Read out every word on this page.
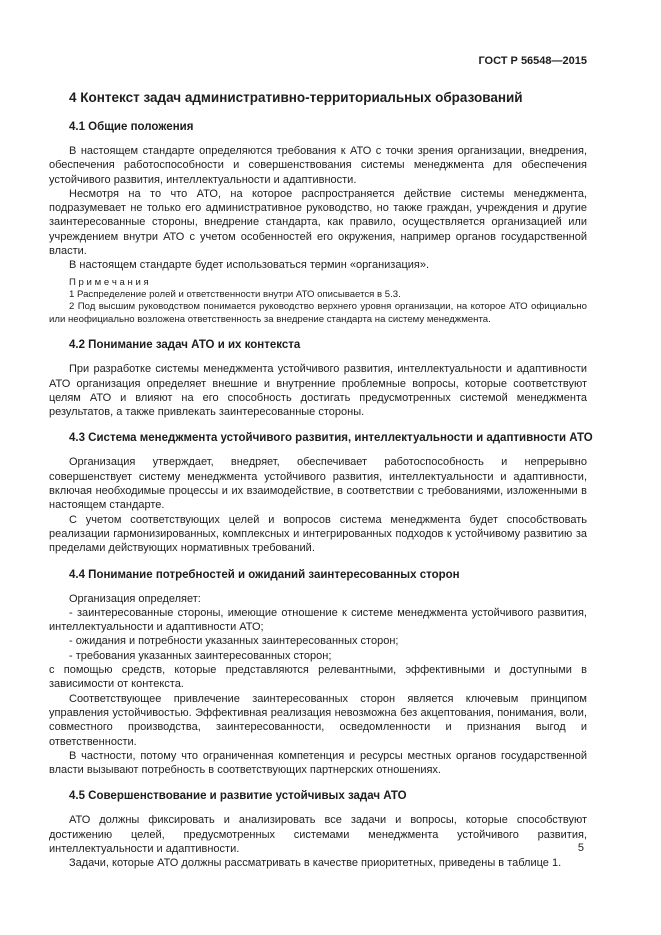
ГОСТ Р 56548—2015
4 Контекст задач административно-территориальных образований
4.1 Общие положения

В настоящем стандарте определяются требования к АТО с точки зрения организации, внедрения, обеспечения работоспособности и совершенствования системы менеджмента для обеспечения устойчивого развития, интеллектуальности и адаптивности.

Несмотря на то что АТО, на которое распространяется действие системы менеджмента, подразумевает не только его административное руководство, но также граждан, учреждения и другие заинтересованные стороны, внедрение стандарта, как правило, осуществляется организацией или учреждением внутри АТО с учетом особенностей его окружения, например органов государственной власти.

В настоящем стандарте будет использоваться термин «организация».

П р и м е ч а н и я

1 Распределение ролей и ответственности внутри АТО описывается в 5.3.

2 Под высшим руководством понимается руководство верхнего уровня организации, на которое АТО официально или неофициально возложена ответственность за внедрение стандарта на систему менеджмента.

4.2 Понимание задач АТО и их контекста

При разработке системы менеджмента устойчивого развития, интеллектуальности и адаптивности АТО организация определяет внешние и внутренние проблемные вопросы, которые соответствуют целям АТО и влияют на его способность достигать предусмотренных системой менеджмента результатов, а также привлекать заинтересованные стороны.

4.3 Система менеджмента устойчивого развития, интеллектуальности и адаптивности АТО

Организация утверждает, внедряет, обеспечивает работоспособность и непрерывно совершенствует систему менеджмента устойчивого развития, интеллектуальности и адаптивности, включая необходимые процессы и их взаимодействие, в соответствии с требованиями, изложенными в настоящем стандарте.

С учетом соответствующих целей и вопросов система менеджмента будет способствовать реализации гармонизированных, комплексных и интегрированных подходов к устойчивому развитию за пределами действующих нормативных требований.

4.4 Понимание потребностей и ожиданий заинтересованных сторон

Организация определяет:

- заинтересованные стороны, имеющие отношение к системе менеджмента устойчивого развития, интеллектуальности и адаптивности АТО;

- ожидания и потребности указанных заинтересованных сторон;

- требования указанных заинтересованных сторон;

с помощью средств, которые представляются релевантными, эффективными и доступными в зависимости от контекста.

Соответствующее привлечение заинтересованных сторон является ключевым принципом управления устойчивостью. Эффективная реализация невозможна без акцептования, понимания, воли, совместного производства, заинтересованности, осведомленности и признания выгод и ответственности.

В частности, потому что ограниченная компетенция и ресурсы местных органов государственной власти вызывают потребность в соответствующих партнерских отношениях.

4.5 Совершенствование и развитие устойчивых задач АТО

АТО должны фиксировать и анализировать все задачи и вопросы, которые способствуют достижению целей, предусмотренных системами менеджмента устойчивого развития, интеллектуальности и адаптивности.

Задачи, которые АТО должны рассматривать в качестве приоритетных, приведены в таблице 1.

5
